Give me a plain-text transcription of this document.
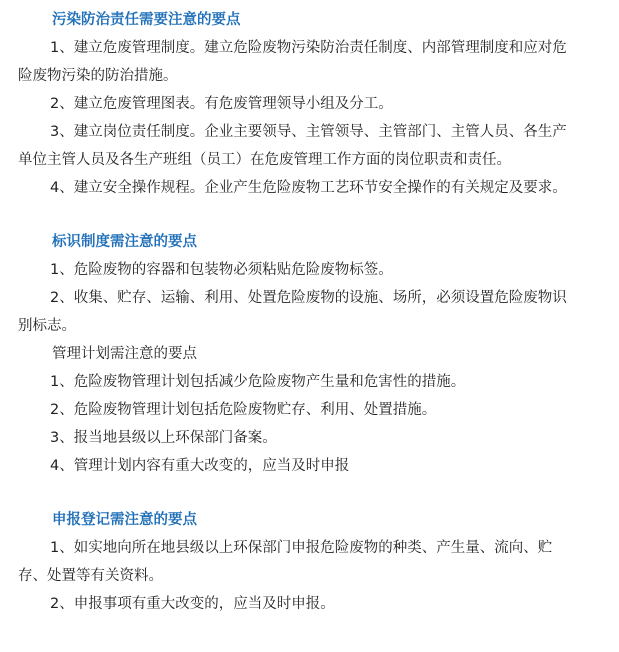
污染防治责任需要注意的要点

1、建立危废管理制度。建立危险废物污染防治责任制度、内部管理制度和应对危险废物污染的防治措施。

2、建立危废管理图表。有危废管理领导小组及分工。

3、建立岗位责任制度。企业主要领导、主管领导、主管部门、主管人员、各生产单位主管人员及各生产班组（员工）在危废管理工作方面的岗位职责和责任。

4、建立安全操作规程。企业产生危险废物工艺环节安全操作的有关规定及要求。

标识制度需注意的要点

1、危险废物的容器和包装物必须粘贴危险废物标签。

2、收集、贮存、运输、利用、处置危险废物的设施、场所，必须设置危险废物识别标志。

管理计划需注意的要点

1、危险废物管理计划包括减少危险废物产生量和危害性的措施。

2、危险废物管理计划包括危险废物贮存、利用、处置措施。

3、报当地县级以上环保部门备案。

4、管理计划内容有重大改变的，应当及时申报

申报登记需注意的要点

1、如实地向所在地县级以上环保部门申报危险废物的种类、产生量、流向、贮存、处置等有关资料。

2、申报事项有重大改变的，应当及时申报。
